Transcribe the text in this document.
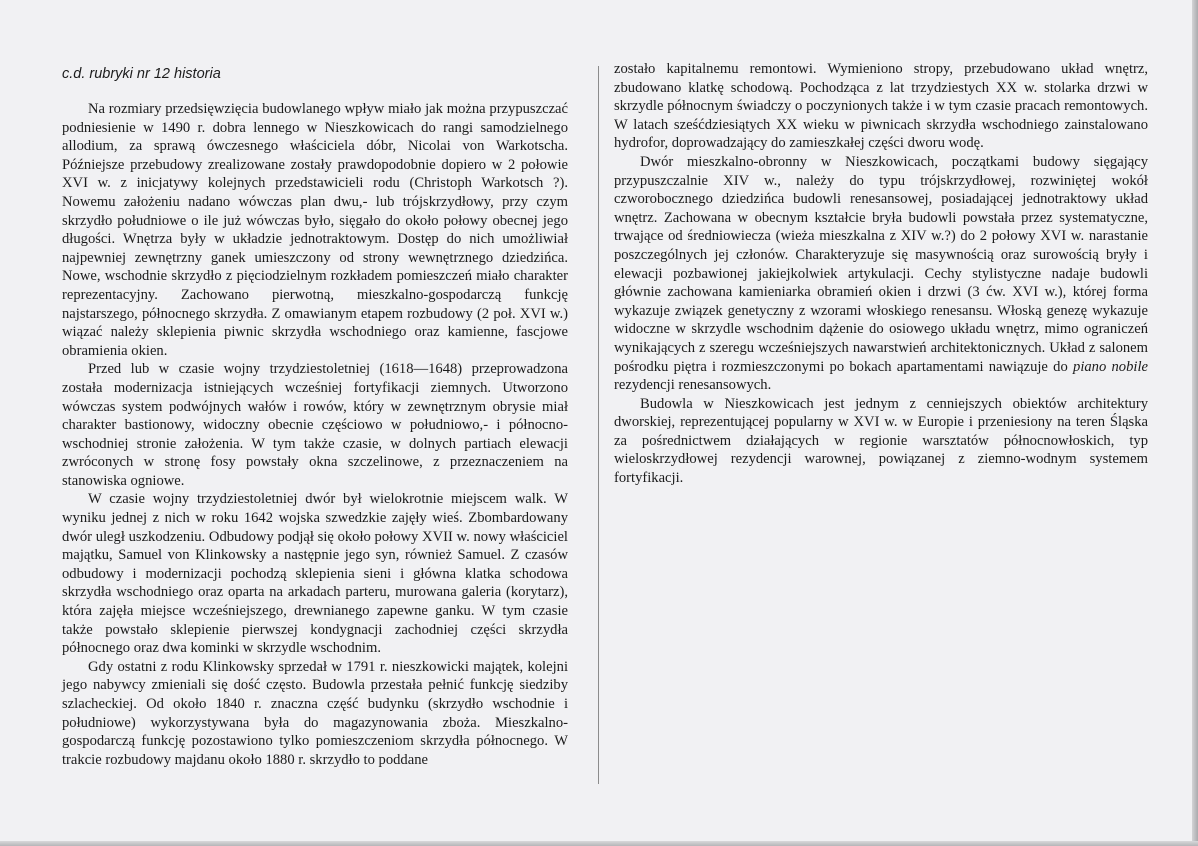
c.d. rubryki nr 12 historia

Na rozmiary przedsięwzięcia budowlanego wpływ miało jak można przypuszczać podniesienie w 1490 r. dobra lennego w Nieszkowicach do rangi samodzielnego allodium, za sprawą ówczesnego właściciela dóbr, Nicolai von Warkotscha. Późniejsze przebudowy zrealizowane zostały prawdopodobnie dopiero w 2 połowie XVI w. z inicjatywy kolejnych przedstawicieli rodu (Christoph Warkotsch ?). Nowemu założeniu nadano wówczas plan dwu,- lub trójskrzydłowy, przy czym skrzydło południowe o ile już wówczas było, sięgało do około połowy obecnej jego długości. Wnętrza były w układzie jednotraktowym. Dostęp do nich umożliwiał najpewniej zewnętrzny ganek umieszczony od strony wewnętrznego dziedzińca. Nowe, wschodnie skrzydło z pięciodzielnym rozkładem pomieszczeń miało charakter reprezentacyjny. Zachowano pierwotną, mieszkalno-gospodarczą funkcję najstarszego, północnego skrzydła. Z omawianym etapem rozbudowy (2 poł. XVI w.) wiązać należy sklepienia piwnic skrzydła wschodniego oraz kamienne, fascjowe obramienia okien.

Przed lub w czasie wojny trzydziestoletniej (1618—1648) przeprowadzona została modernizacja istniejących wcześniej fortyfikacji ziemnych. Utworzono wówczas system podwójnych wałów i rowów, który w zewnętrznym obrysie miał charakter bastionowy, widoczny obecnie częściowo w południowo,- i północno-wschodniej stronie założenia. W tym także czasie, w dolnych partiach elewacji zwróconych w stronę fosy powstały okna szczelinowe, z przeznaczeniem na stanowiska ogniowe.

W czasie wojny trzydziestoletniej dwór był wielokrotnie miejscem walk. W wyniku jednej z nich w roku 1642 wojska szwedzkie zajęły wieś. Zbombardowany dwór uległ uszkodzeniu. Odbudowy podjął się około połowy XVII w. nowy właściciel majątku, Samuel von Klinkowsky a następnie jego syn, również Samuel. Z czasów odbudowy i modernizacji pochodzą sklepienia sieni i główna klatka schodowa skrzydła wschodniego oraz oparta na arkadach parteru, murowana galeria (korytarz), która zajęła miejsce wcześniejszego, drewnianego zapewne ganku. W tym czasie także powstało sklepienie pierwszej kondygnacji zachodniej części skrzydła północnego oraz dwa kominki w skrzydle wschodnim.

Gdy ostatni z rodu Klinkowsky sprzedał w 1791 r. nieszkowicki majątek, kolejni jego nabywcy zmieniali się dość często. Budowla przestała pełnić funkcję siedziby szlacheckiej. Od około 1840 r. znaczna część budynku (skrzydło wschodnie i południowe) wykorzystywana była do magazynowania zboża. Mieszkalno-gospodarczą funkcję pozostawiono tylko pomieszczeniom skrzydła północnego. W trakcie rozbudowy majdanu około 1880 r. skrzydło to poddane

zostało kapitalnemu remontowi. Wymieniono stropy, przebudowano układ wnętrz, zbudowano klatkę schodową. Pochodząca z lat trzydziestych XX w. stolarka drzwi w skrzydle północnym świadczy o poczynionych także i w tym czasie pracach remontowych. W latach sześćdziesiątych XX wieku w piwnicach skrzydła wschodniego zainstalowano hydrofor, doprowadzający do zamieszkałej części dworu wodę.

Dwór mieszkalno-obronny w Nieszkowicach, początkami budowy sięgający przypuszczalnie XIV w., należy do typu trójskrzydłowej, rozwiniętej wokół czworobocznego dziedzińca budowli renesansowej, posiadającej jednotraktowy układ wnętrz. Zachowana w obecnym kształcie bryła budowli powstała przez systematyczne, trwające od średniowiecza (wieża mieszkalna z XIV w.?) do 2 połowy XVI w. narastanie poszczególnych jej członów. Charakteryzuje się masywnością oraz surowością bryły i elewacji pozbawionej jakiejkolwiek artykulacji. Cechy stylistyczne nadaje budowli głównie zachowana kamieniarka obramień okien i drzwi (3 ćw. XVI w.), której forma wykazuje związek genetyczny z wzorami włoskiego renesansu. Włoską genezę wykazuje widoczne w skrzydle wschodnim dążenie do osiowego układu wnętrz, mimo ograniczeń wynikających z szeregu wcześniejszych nawarstwień architektonicznych. Układ z salonem pośrodku piętra i rozmieszczonymi po bokach apartamentami nawiązuje do piano nobile rezydencji renesansowych.

Budowla w Nieszkowicach jest jednym z cenniejszych obiektów architektury dworskiej, reprezentującej popularny w XVI w. w Europie i przeniesiony na teren Śląska za pośrednictwem działających w regionie warsztatów północnowłoskich, typ wieloskrzydłowej rezydencji warownej, powiązanej z ziemno-wodnym systemem fortyfikacji.
